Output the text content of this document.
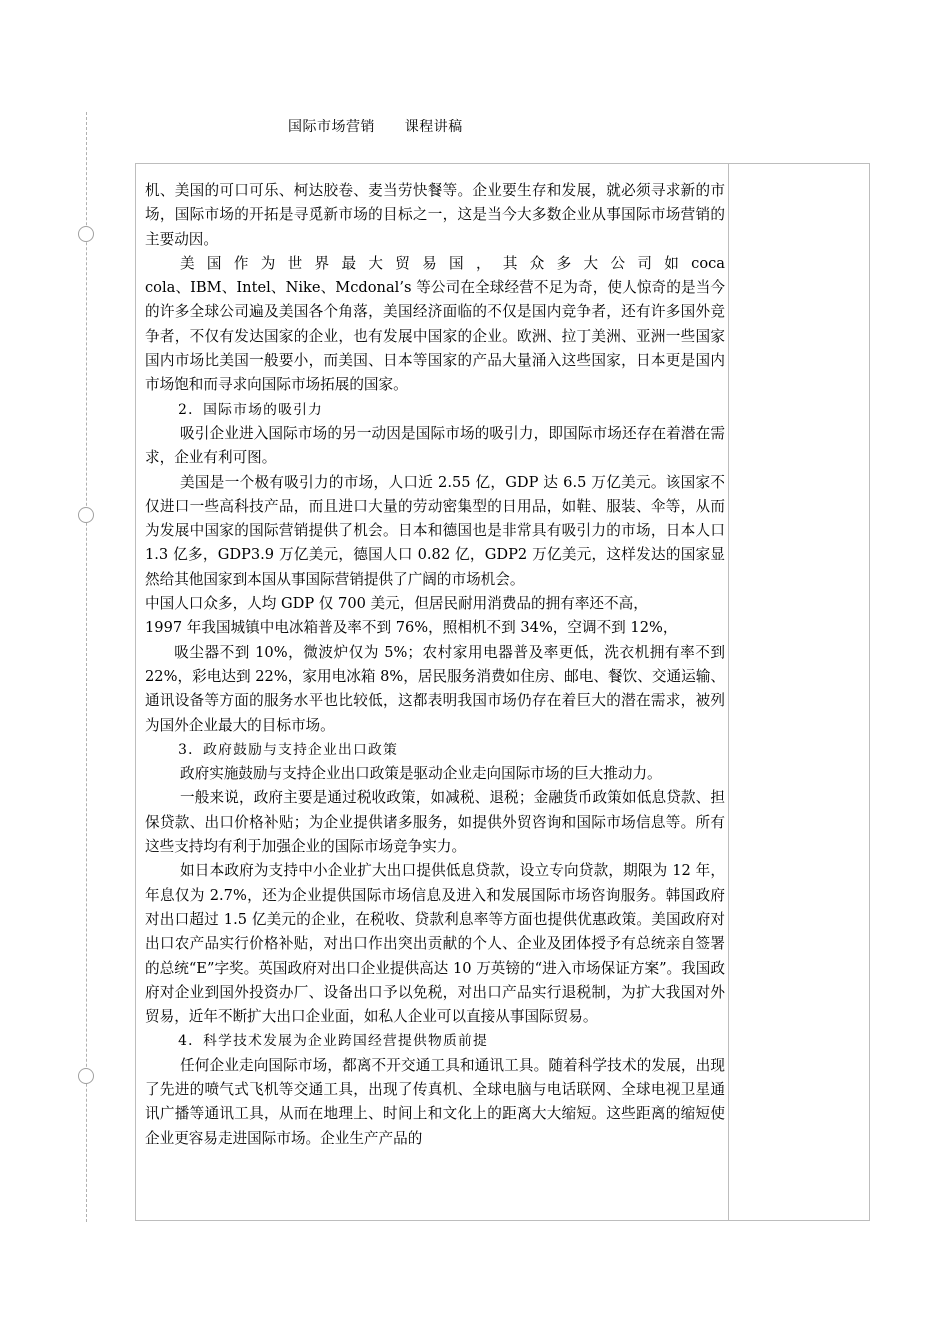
国际市场营销 课程讲稿

机、美国的可口可乐、柯达胶卷、麦当劳快餐等。企业要生存和发展，就必须寻求新的市场，国际市场的开拓是寻觅新市场的目标之一，这是当今大多数企业从事国际市场营销的主要动因。

美 国 作 为 世 界 最 大 贸 易 国 ， 其 众 多 大 公 司 如 coca

cola、IBM、Intel、Nike、Mcdonal’s 等公司在全球经营不足为奇，使人惊奇的是当今的许多全球公司遍及美国各个角落，美国经济面临的不仅是国内竞争者，还有许多国外竞争者，不仅有发达国家的企业，也有发展中国家的企业。欧洲、拉丁美洲、亚洲一些国家国内市场比美国一般要小，而美国、日本等国家的产品大量涌入这些国家，日本更是国内市场饱和而寻求向国际市场拓展的国家。

2．国际市场的吸引力

吸引企业进入国际市场的另一动因是国际市场的吸引力，即国际市场还存在着潜在需求，企业有利可图。

美国是一个极有吸引力的市场，人口近 2.55 亿，GDP 达 6.5 万亿美元。该国家不仅进口一些高科技产品，而且进口大量的劳动密集型的日用品，如鞋、服装、伞等，从而为发展中国家的国际营销提供了机会。日本和德国也是非常具有吸引力的市场，日本人口 1.3 亿多，GDP3.9 万亿美元，德国人口 0.82 亿，GDP2 万亿美元，这样发达的国家显然给其他国家到本国从事国际营销提供了广阔的市场机会。

中国人口众多，人均 GDP 仅 700 美元，但居民耐用消费品的拥有率还不高，

1997 年我国城镇中电冰箱普及率不到 76%，照相机不到 34%，空调不到 12%，

吸尘器不到 10%，微波炉仅为 5%；农村家用电器普及率更低，洗衣机拥有率不到 22%，彩电达到 22%，家用电冰箱 8%，居民服务消费如住房、邮电、餐饮、交通运输、通讯设备等方面的服务水平也比较低，这都表明我国市场仍存在着巨大的潜在需求，被列为国外企业最大的目标市场。

3．政府鼓励与支持企业出口政策

政府实施鼓励与支持企业出口政策是驱动企业走向国际市场的巨大推动力。

一般来说，政府主要是通过税收政策，如减税、退税；金融货币政策如低息贷款、担保贷款、出口价格补贴；为企业提供诸多服务，如提供外贸咨询和国际市场信息等。所有这些支持均有利于加强企业的国际市场竞争实力。

如日本政府为支持中小企业扩大出口提供低息贷款，设立专向贷款，期限为 12 年，年息仅为 2.7%，还为企业提供国际市场信息及进入和发展国际市场咨询服务。韩国政府对出口超过 1.5 亿美元的企业，在税收、贷款利息率等方面也提供优惠政策。美国政府对出口农产品实行价格补贴，对出口作出突出贡献的个人、企业及团体授予有总统亲自签署的总统“E”字奖。英国政府对出口企业提供高达 10 万英镑的“进入市场保证方案”。我国政府对企业到国外投资办厂、设备出口予以免税，对出口产品实行退税制，为扩大我国对外贸易，近年不断扩大出口企业面，如私人企业可以直接从事国际贸易。

4．科学技术发展为企业跨国经营提供物质前提

任何企业走向国际市场，都离不开交通工具和通讯工具。随着科学技术的发展，出现了先进的喷气式飞机等交通工具，出现了传真机、全球电脑与电话联网、全球电视卫星通讯广播等通讯工具，从而在地理上、时间上和文化上的距离大大缩短。这些距离的缩短使企业更容易走进国际市场。企业生产产品的
